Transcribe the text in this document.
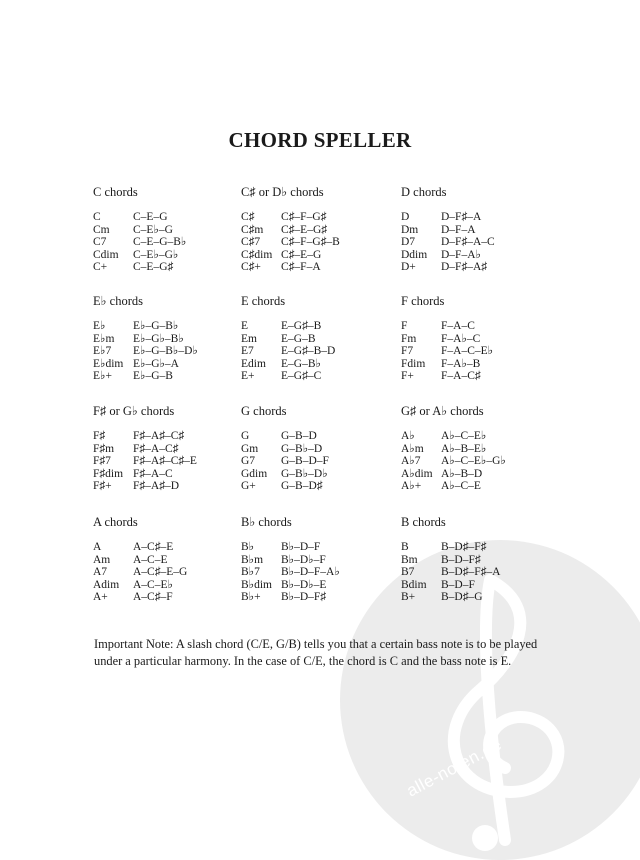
alle-noten.de
CHORD SPELLER
C chords
C	C–E–G
Cm	C–E♭–G
C7	C–E–G–B♭
Cdim	C–E♭–G♭
C+	C–E–G♯
C♯ or D♭ chords
C♯	C♯–F–G♯
C♯m	C♯–E–G♯
C♯7	C♯–F–G♯–B
C♯dim C♯–E–G
C♯+	C♯–F–A
D chords
D	D–F♯–A
Dm	D–F–A
D7	D–F♯–A–C
Ddim	D–F–A♭
D+	D–F♯–A♯
E♭ chords
E♭	E♭–G–B♭
E♭m	E♭–G♭–B♭
E♭7	E♭–G–B♭–D♭
E♭dim E♭–G♭–A
E♭+	E♭–G–B
E chords
E	E–G♯–B
Em	E–G–B
E7	E–G♯–B–D
Edim	E–G–B♭
E+	E–G♯–C
F chords
F	F–A–C
Fm	F–A♭–C
F7	F–A–C–E♭
Fdim	F–A♭–B
F+	F–A–C♯
F♯ or G♭ chords
F♯	F♯–A♯–C♯
F♯m	F♯–A–C♯
F♯7	F♯–A♯–C♯–E
F♯dim F♯–A–C
F♯+	F♯–A♯–D
G chords
G	G–B–D
Gm	G–B♭–D
G7	G–B–D–F
Gdim	G–B♭–D♭
G+	G–B–D♯
G♯ or A♭ chords
A♭	A♭–C–E♭
A♭m	A♭–B–E♭
A♭7	A♭–C–E♭–G♭
A♭dim A♭–B–D
A♭+	A♭–C–E
A chords
A	A–C♯–E
Am	A–C–E
A7	A–C♯–E–G
Adim	A–C–E♭
A+	A–C♯–F
B♭ chords
B♭	B♭–D–F
B♭m	B♭–D♭–F
B♭7	B♭–D–F–A♭
B♭dim B♭–D♭–E
B♭+	B♭–D–F♯
B chords
B	B–D♯–F♯
Bm	B–D–F♯
B7	B–D♯–F♯–A
Bdim	B–D–F
B+	B–D♯–G
Important Note: A slash chord (C/E, G/B) tells you that a certain bass note is to be played under a particular harmony. In the case of C/E, the chord is C and the bass note is E.
